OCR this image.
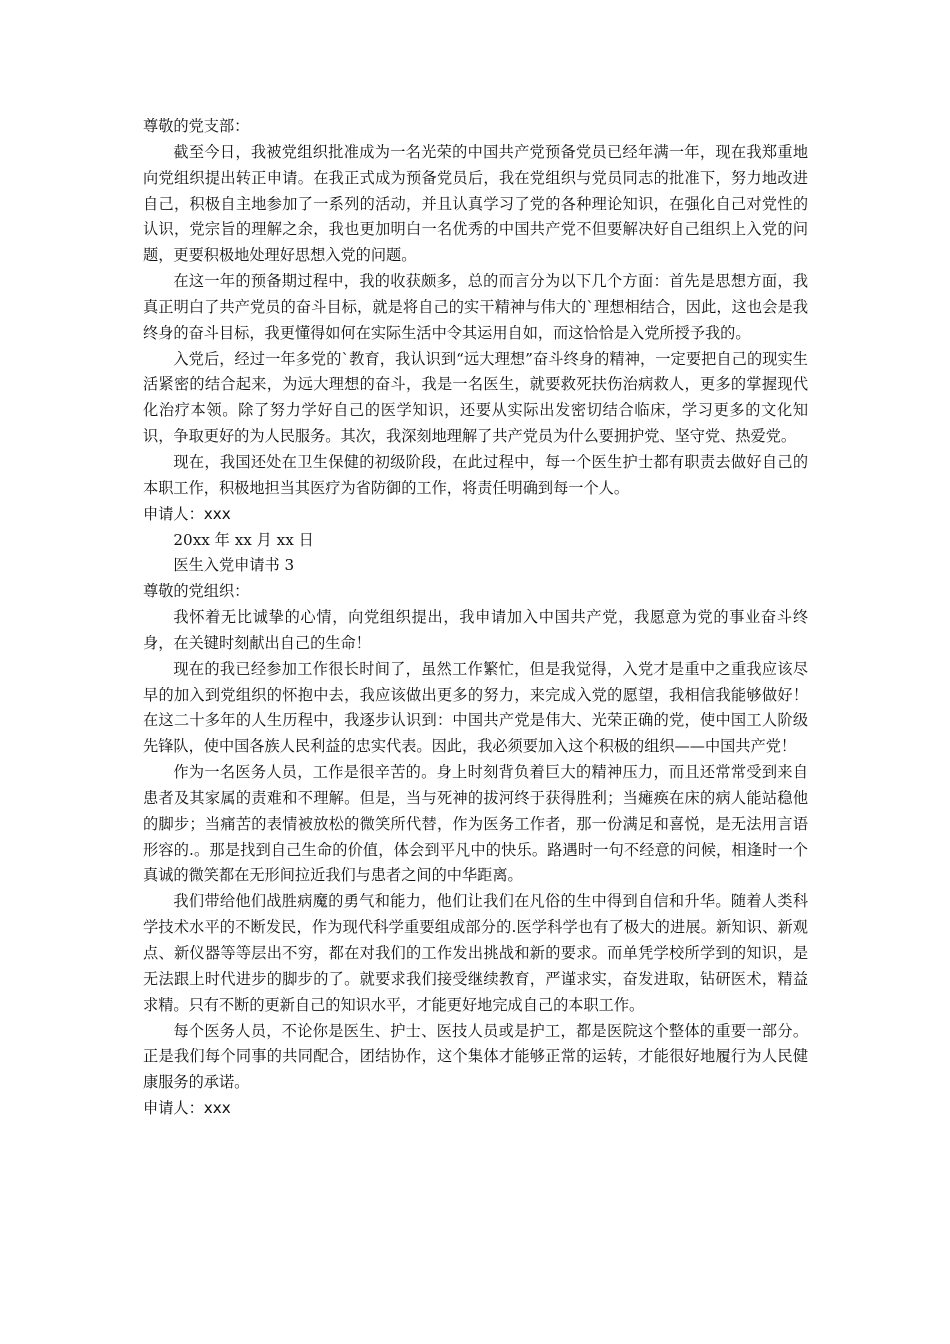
尊敬的党支部：

截至今日，我被党组织批准成为一名光荣的中国共产党预备党员已经年满一年，现在我郑重地向党组织提出转正申请。在我正式成为预备党员后，我在党组织与党员同志的批准下，努力地改进自己，积极自主地参加了一系列的活动，并且认真学习了党的各种理论知识，在强化自己对党性的认识，党宗旨的理解之余，我也更加明白一名优秀的中国共产党不但要解决好自己组织上入党的问题，更要积极地处理好思想入党的问题。

在这一年的预备期过程中，我的收获颇多，总的而言分为以下几个方面：首先是思想方面，我真正明白了共产党员的奋斗目标，就是将自己的实干精神与伟大的`理想相结合，因此，这也会是我终身的奋斗目标，我更懂得如何在实际生活中令其运用自如，而这恰恰是入党所授予我的。

入党后，经过一年多党的`教育，我认识到“远大理想”奋斗终身的精神，一定要把自己的现实生活紧密的结合起来，为远大理想的奋斗，我是一名医生，就要救死扶伤治病救人，更多的掌握现代化治疗本领。除了努力学好自己的医学知识，还要从实际出发密切结合临床，学习更多的文化知识，争取更好的为人民服务。其次，我深刻地理解了共产党员为什么要拥护党、坚守党、热爱党。

现在，我国还处在卫生保健的初级阶段，在此过程中，每一个医生护士都有职责去做好自己的本职工作，积极地担当其医疗为省防御的工作，将责任明确到每一个人。

申请人：xxx

20xx 年 xx 月 xx 日

医生入党申请书 3

尊敬的党组织：

我怀着无比诚挚的心情，向党组织提出，我申请加入中国共产党，我愿意为党的事业奋斗终身，在关键时刻献出自己的生命！

现在的我已经参加工作很长时间了，虽然工作繁忙，但是我觉得，入党才是重中之重我应该尽早的加入到党组织的怀抱中去，我应该做出更多的努力，来完成入党的愿望，我相信我能够做好！在这二十多年的人生历程中，我逐步认识到：中国共产党是伟大、光荣正确的党，使中国工人阶级先锋队，使中国各族人民利益的忠实代表。因此，我必须要加入这个积极的组织——中国共产党！

作为一名医务人员，工作是很辛苦的。身上时刻背负着巨大的精神压力，而且还常常受到来自患者及其家属的责难和不理解。但是，当与死神的拔河终于获得胜利；当瘫痪在床的病人能站稳他的脚步；当痛苦的表情被放松的微笑所代替，作为医务工作者，那一份满足和喜悦，是无法用言语形容的.。那是找到自己生命的价值，体会到平凡中的快乐。路遇时一句不经意的问候，相逢时一个真诚的微笑都在无形间拉近我们与患者之间的中华距离。

我们带给他们战胜病魔的勇气和能力，他们让我们在凡俗的生中得到自信和升华。随着人类科学技术水平的不断发民，作为现代科学重要组成部分的.医学科学也有了极大的进展。新知识、新观点、新仪器等等层出不穷，都在对我们的工作发出挑战和新的要求。而单凭学校所学到的知识，是无法跟上时代进步的脚步的了。就要求我们接受继续教育，严谨求实，奋发进取，钻研医术，精益求精。只有不断的更新自己的知识水平，才能更好地完成自己的本职工作。

每个医务人员，不论你是医生、护士、医技人员或是护工，都是医院这个整体的重要一部分。正是我们每个同事的共同配合，团结协作，这个集体才能够正常的运转，才能很好地履行为人民健康服务的承诺。

申请人：xxx
